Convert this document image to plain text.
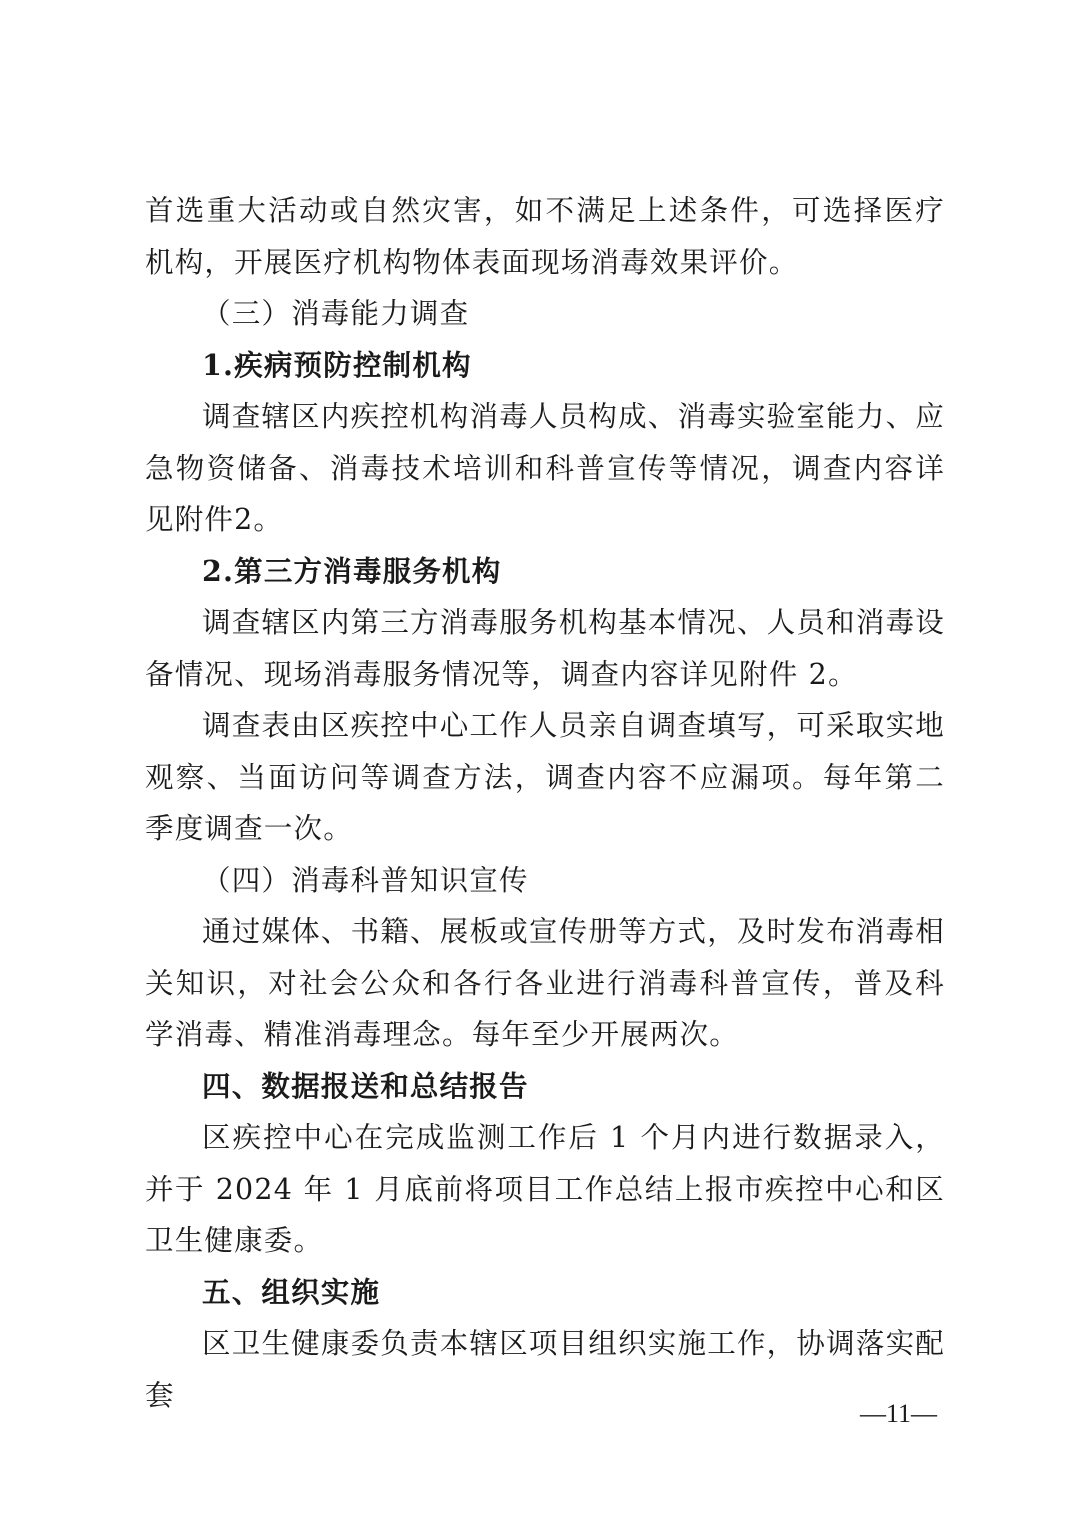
首选重大活动或自然灾害，如不满足上述条件，可选择医疗机构，开展医疗机构物体表面现场消毒效果评价。

（三）消毒能力调查

1.疾病预防控制机构

调查辖区内疾控机构消毒人员构成、消毒实验室能力、应急物资储备、消毒技术培训和科普宣传等情况，调查内容详见附件2。

2.第三方消毒服务机构

调查辖区内第三方消毒服务机构基本情况、人员和消毒设备情况、现场消毒服务情况等，调查内容详见附件 2。

调查表由区疾控中心工作人员亲自调查填写，可采取实地观察、当面访问等调查方法，调查内容不应漏项。每年第二季度调查一次。

（四）消毒科普知识宣传

通过媒体、书籍、展板或宣传册等方式，及时发布消毒相关知识，对社会公众和各行各业进行消毒科普宣传，普及科学消毒、精准消毒理念。每年至少开展两次。

四、数据报送和总结报告

区疾控中心在完成监测工作后 1 个月内进行数据录入，并于 2024 年 1 月底前将项目工作总结上报市疾控中心和区卫生健康委。

五、组织实施

区卫生健康委负责本辖区项目组织实施工作，协调落实配套

—11—
